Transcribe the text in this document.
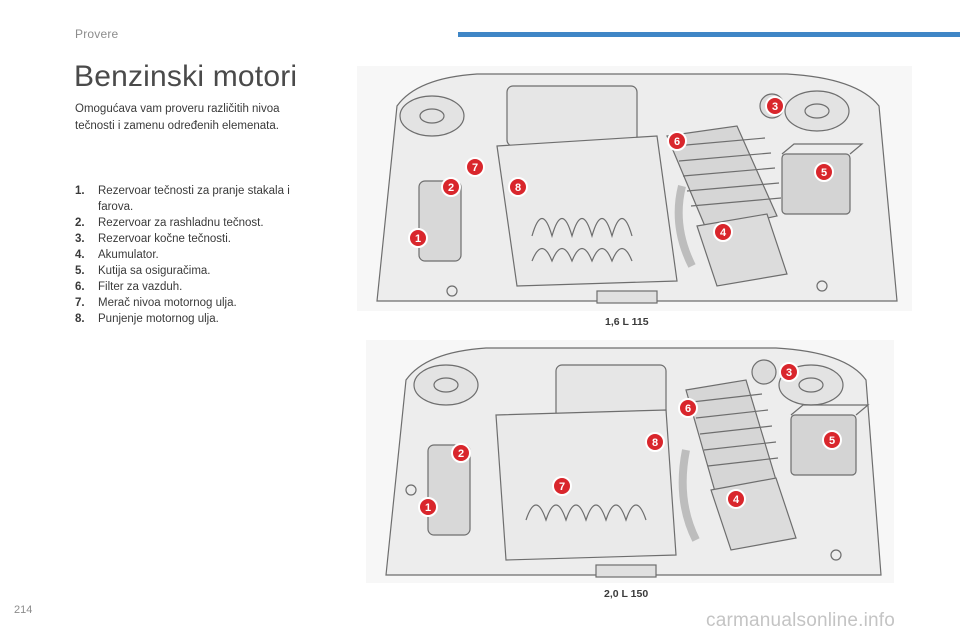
Provere
Benzinski motori
Omogućava vam proveru različitih nivoa tečnosti i zamenu određenih elemenata.
1.	Rezervoar tečnosti za pranje stakala i farova.
2.	Rezervoar za rashladnu tečnost.
3.	Rezervoar kočne tečnosti.
4.	Akumulator.
5.	Kutija sa osiguračima.
6.	Filter za vazduh.
7.	Merač nivoa motornog ulja.
8.	Punjenje motornog ulja.
1
2
3
4
5
6
7
8
1,6 L 115
1
2
3
4
5
6
7
8
2,0 L 150
214	carmanualsonline.info
